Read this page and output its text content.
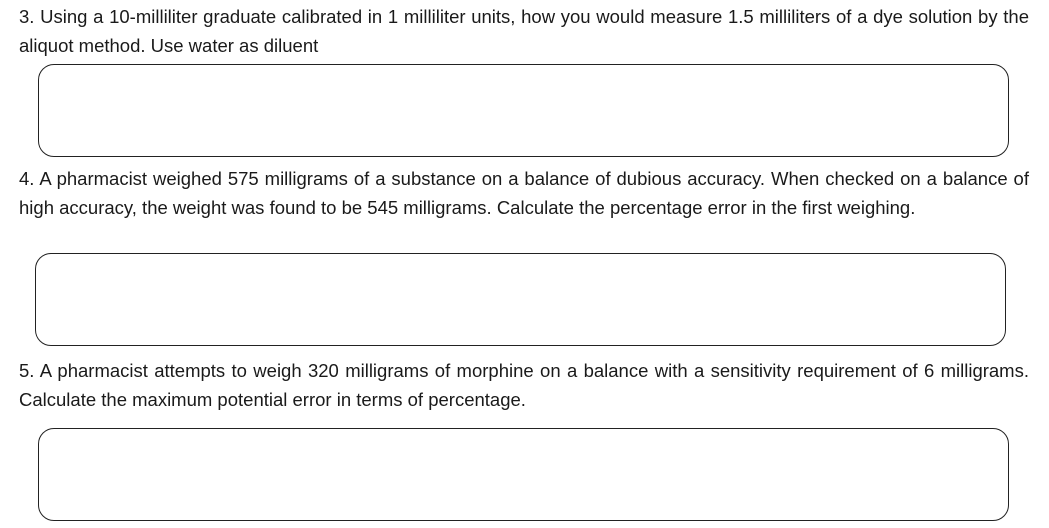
3. Using a 10-milliliter graduate calibrated in 1 milliliter units, how you would measure 1.5 milliliters of a dye solution by the aliquot method. Use water as diluent

4. A pharmacist weighed 575 milligrams of a substance on a balance of dubious accuracy. When checked on a balance of high accuracy, the weight was found to be 545 milligrams. Calculate the percentage error in the first weighing.

5. A pharmacist attempts to weigh 320 milligrams of morphine on a balance with a sensitivity requirement of 6 milligrams. Calculate the maximum potential error in terms of percentage.
